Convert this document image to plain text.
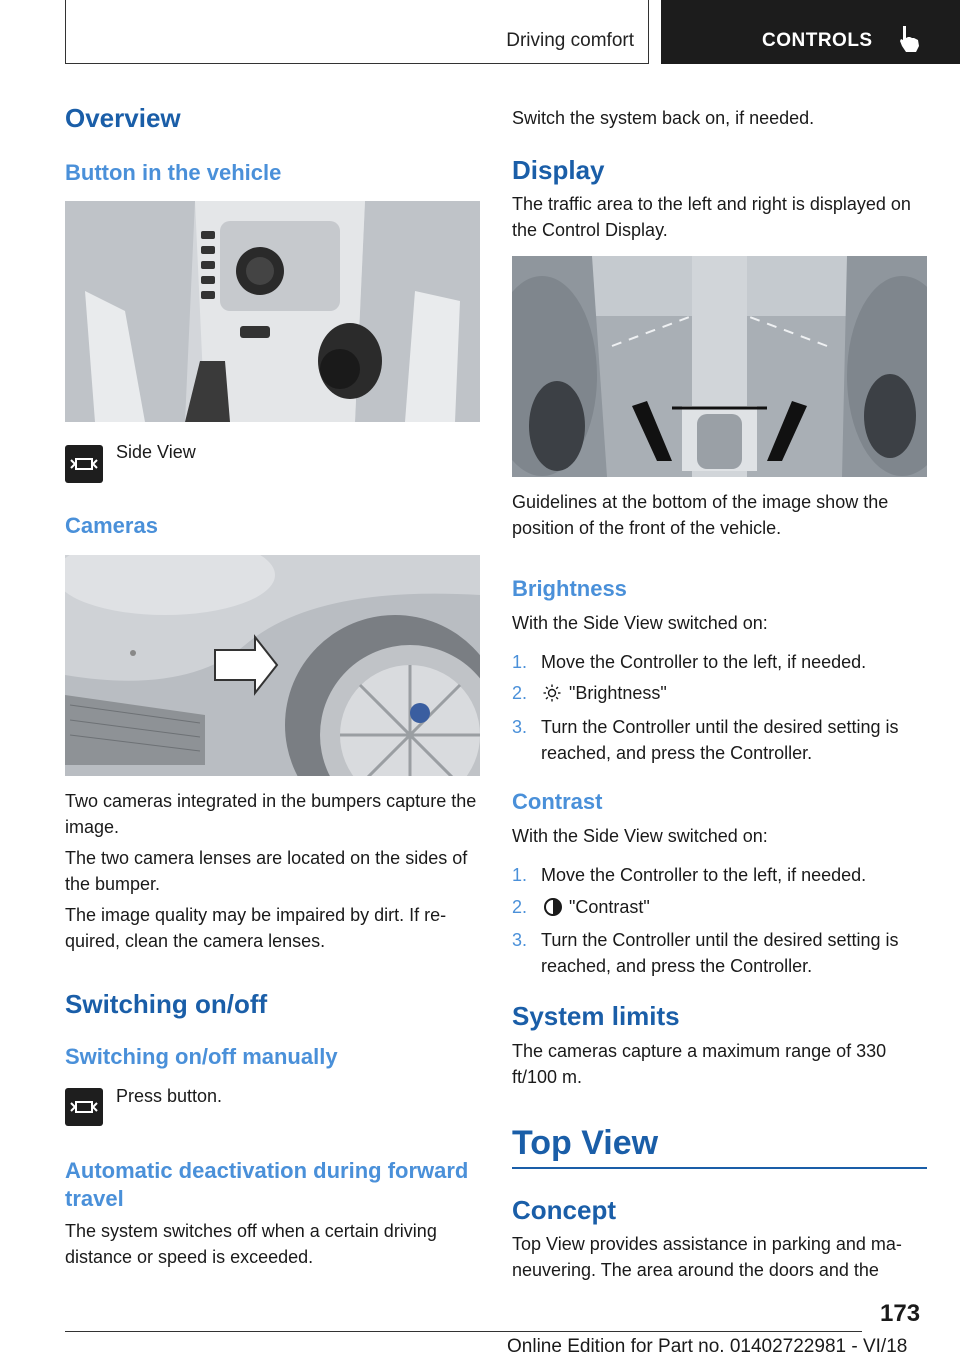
Driving comfort	CONTROLS
Overview
Button in the vehicle
Side View
Cameras
Two cameras integrated in the bumpers capture the image.
The two camera lenses are located on the sides of the bumper.
The image quality may be impaired by dirt. If re‐quired, clean the camera lenses.
Switching on/off
Switching on/off manually
Press button.
Automatic deactivation during forward travel
The system switches off when a certain driving distance or speed is exceeded.
Switch the system back on, if needed.
Display
The traffic area to the left and right is displayed on the Control Display.
Guidelines at the bottom of the image show the position of the front of the vehicle.
Brightness
With the Side View switched on:
1. Move the Controller to the left, if needed.
2. "Brightness"
3. Turn the Controller until the desired setting is reached, and press the Controller.
Contrast
With the Side View switched on:
1. Move the Controller to the left, if needed.
2. "Contrast"
3. Turn the Controller until the desired setting is reached, and press the Controller.
System limits
The cameras capture a maximum range of 330 ft/100 m.
Top View
Concept
Top View provides assistance in parking and ma‐neuvering. The area around the doors and the
173
Online Edition for Part no. 01402722981 - VI/18
